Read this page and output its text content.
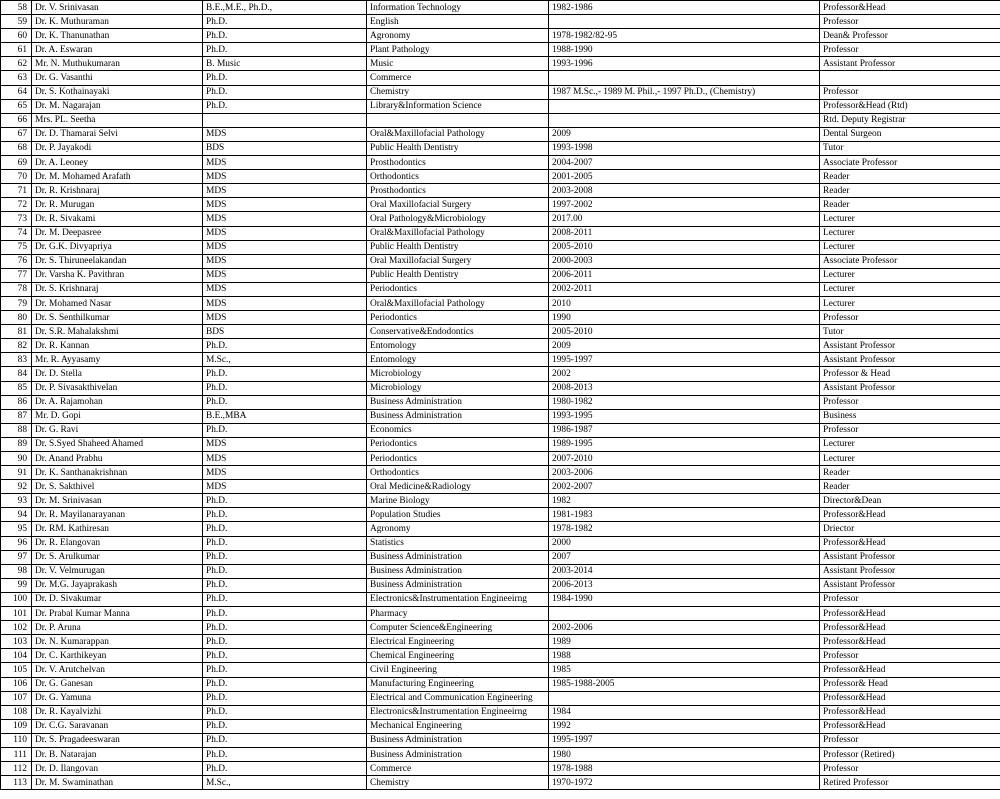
58	Dr. V. Srinivasan	B.E.,M.E., Ph.D.,	Information Technology	1982-1986	Professor&Head
59	Dr. K. Muthuraman	Ph.D.	English		Professor
60	Dr. K. Thanunathan	Ph.D.	Agronomy	1978-1982/82-95	Dean& Professor
61	Dr. A. Eswaran	Ph.D.	Plant Pathology	1988-1990	Professor
62	Mr. N. Muthukumaran	B. Music	Music	1993-1996	Assistant Professor
63	Dr. G. Vasanthi	Ph.D.	Commerce		
64	Dr. S. Kothainayaki	Ph.D.	Chemistry	1987 M.Sc.,- 1989 M. Phil.,- 1997 Ph.D., (Chemistry)	Professor
65	Dr. M. Nagarajan	Ph.D.	Library&Information Science		Professor&Head (Rtd)
66	Mrs. PL. Seetha				Rtd. Deputy Registrar
67	Dr. D. Thamarai Selvi	MDS	Oral&Maxillofacial Pathology	2009	Dental Surgeon
68	Dr. P. Jayakodi	BDS	Public Health Dentistry	1993-1998	Tutor
69	Dr. A. Leoney	MDS	Prosthodontics	2004-2007	Associate Professor
70	Dr. M. Mohamed Arafath	MDS	Orthodontics	2001-2005	Reader
71	Dr. R. Krishnaraj	MDS	Prosthodontics	2003-2008	Reader
72	Dr. R. Murugan	MDS	Oral Maxillofacial Surgery	1997-2002	Reader
73	Dr. R. Sivakami	MDS	Oral Pathology&Microbiology	2017.00	Lecturer
74	Dr. M. Deepasree	MDS	Oral&Maxillofacial Pathology	2008-2011	Lecturer
75	Dr. G.K. Divyapriya	MDS	Public Health Dentistry	2005-2010	Lecturer
76	Dr. S. Thiruneelakandan	MDS	Oral Maxillofacial Surgery	2000-2003	Associate Professor
77	Dr. Varsha K. Pavithran	MDS	Public Health Dentistry	2006-2011	Lecturer
78	Dr. S. Krishnaraj	MDS	Periodontics	2002-2011	Lecturer
79	Dr. Mohamed Nasar	MDS	Oral&Maxillofacial Pathology	2010	Lecturer
80	Dr. S. Senthilkumar	MDS	Periodontics	1990	Professor
81	Dr. S.R. Mahalakshmi	BDS	Conservative&Endodontics	2005-2010	Tutor
82	Dr. R. Kannan	Ph.D.	Entomology	2009	Assistant Professor
83	Mr. R. Ayyasamy	M.Sc.,	Entomology	1995-1997	Assistant Professor
84	Dr. D. Stella	Ph.D.	Microbiology	2002	Professor & Head
85	Dr. P. Sivasakthivelan	Ph.D.	Microbiology	2008-2013	Assistant Professor
86	Dr. A. Rajamohan	Ph.D.	Business Administration	1980-1982	Professor
87	Mr. D. Gopi	B.E.,MBA	Business Administration	1993-1995	Business
88	Dr. G. Ravi	Ph.D.	Economics	1986-1987	Professor
89	Dr. S.Syed Shaheed Ahamed	MDS	Periodontics	1989-1995	Lecturer
90	Dr. Anand Prabhu	MDS	Periodontics	2007-2010	Lecturer
91	Dr. K. Santhanakrishnan	MDS	Orthodontics	2003-2006	Reader
92	Dr. S. Sakthivel	MDS	Oral Medicine&Radiology	2002-2007	Reader
93	Dr. M. Srinivasan	Ph.D.	Marine Biology	1982	Director&Dean
94	Dr. R. Mayilanarayanan	Ph.D.	Population Studies	1981-1983	Professor&Head
95	Dr. RM. Kathiresan	Ph.D.	Agronomy	1978-1982	Driector
96	Dr. R. Elangovan	Ph.D.	Statistics	2000	Professor&Head
97	Dr. S. Arulkumar	Ph.D.	Business Administration	2007	Assistant Professor
98	Dr. V. Velmurugan	Ph.D.	Business Administration	2003-2014	Assistant Professor
99	Dr. M.G. Jayaprakash	Ph.D.	Business Administration	2006-2013	Assistant Professor
100	Dr. D. Sivakumar	Ph.D.	Electronics&Instrumentation Engineeirng	1984-1990	Professor
101	Dr. Prabal Kumar Manna	Ph.D.	Pharmacy		Professor&Head
102	Dr. P. Aruna	Ph.D.	Computer Science&Engineering	2002-2006	Professor&Head
103	Dr. N. Kumarappan	Ph.D.	Electrical Engineering	1989	Professor&Head
104	Dr. C. Karthikeyan	Ph.D.	Chemical Engineering	1988	Professor
105	Dr. V. Arutchelvan	Ph.D.	Civil Engineering	1985	Professor&Head
106	Dr. G. Ganesan	Ph.D.	Manufacturing Engineering	1985-1988-2005	Professor& Head
107	Dr. G. Yamuna	Ph.D.	Electrical and Communication Engineering		Professor&Head
108	Dr. R. Kayalvizhi	Ph.D.	Electronics&Instrumentation Engineeirng	1984	Professor&Head
109	Dr. C.G. Saravanan	Ph.D.	Mechanical Engineering	1992	Professor&Head
110	Dr. S. Pragadeeswaran	Ph.D.	Business Administration	1995-1997	Professor
111	Dr. B. Natarajan	Ph.D.	Business Administration	1980	Professor (Retired)
112	Dr. D. Ilangovan	Ph.D.	Commerce	1978-1988	Professor
113	Dr. M. Swaminathan	M.Sc.,	Chemistry	1970-1972	Retired Professor
